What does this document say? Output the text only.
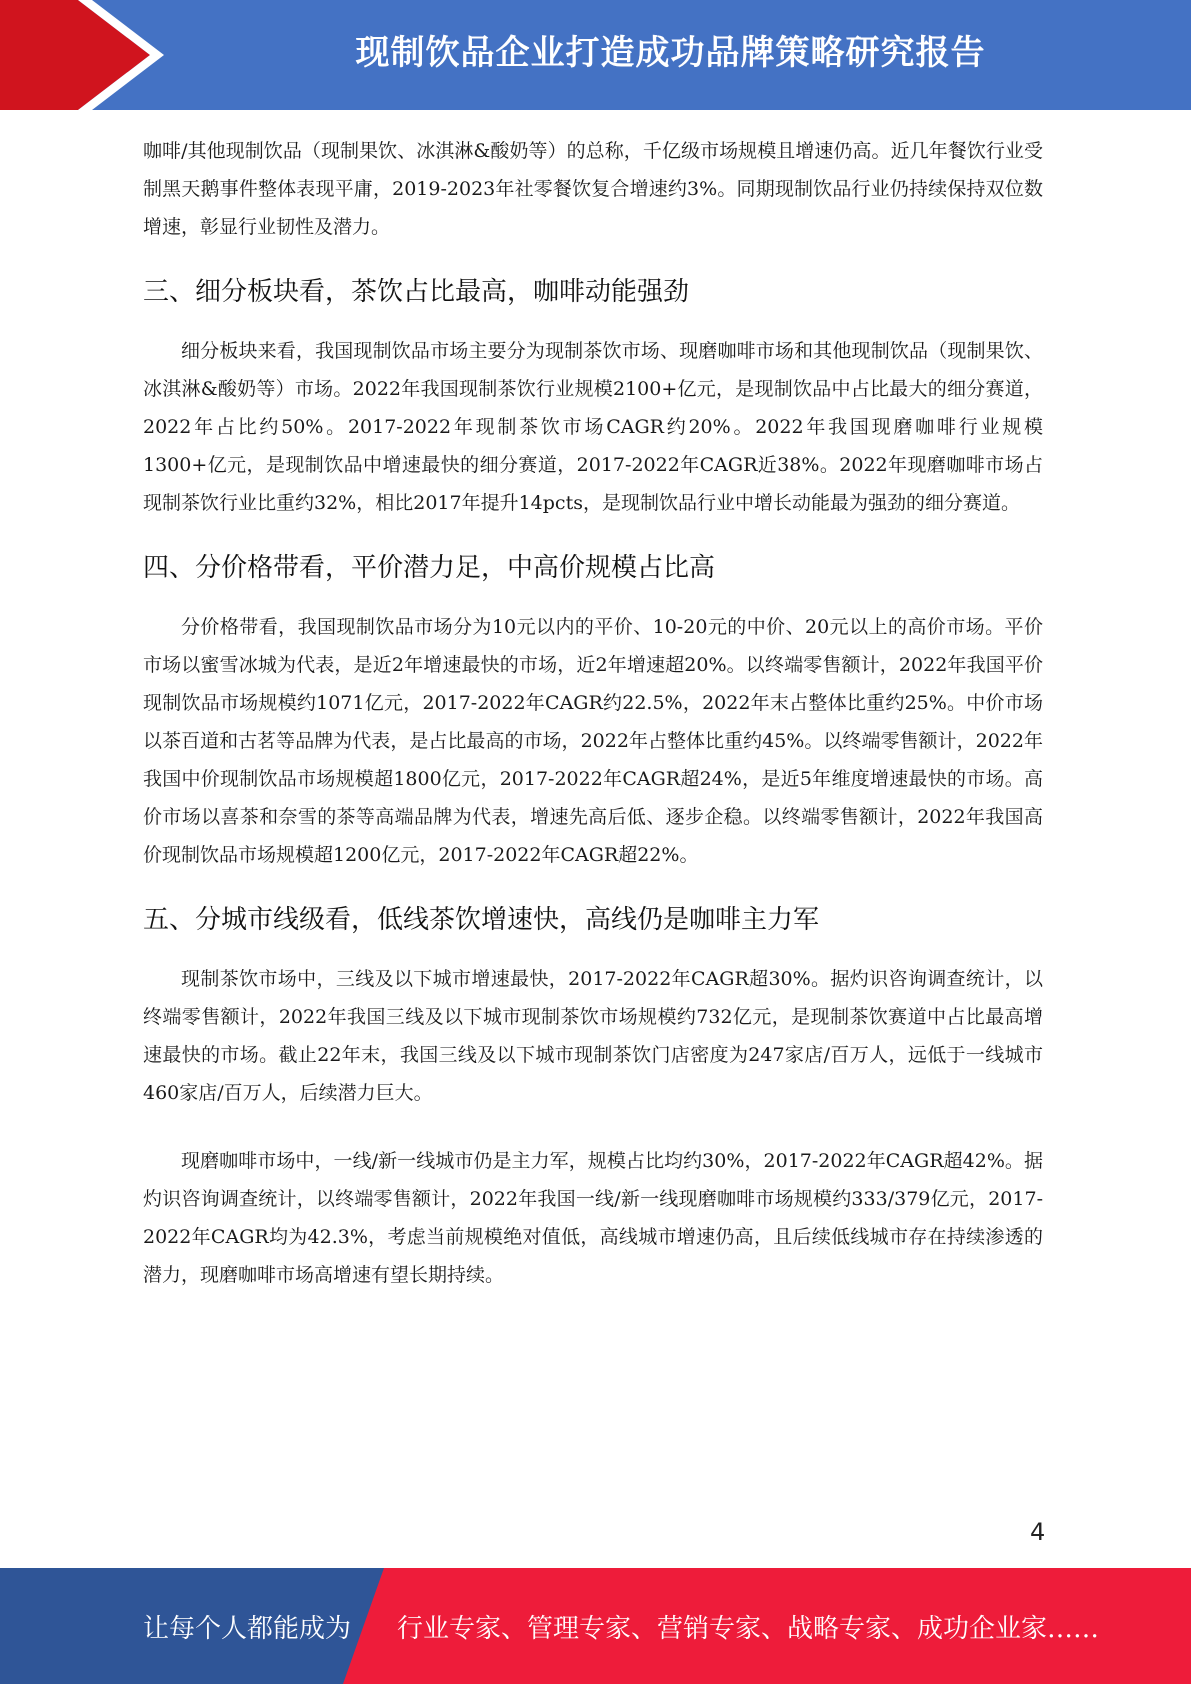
现制饮品企业打造成功品牌策略研究报告

咖啡/其他现制饮品（现制果饮、冰淇淋&酸奶等）的总称，千亿级市场规模且增速仍高。近几年餐饮行业受制黑天鹅事件整体表现平庸，2019-2023年社零餐饮复合增速约3%。同期现制饮品行业仍持续保持双位数增速，彰显行业韧性及潜力。

三、细分板块看，茶饮占比最高，咖啡动能强劲

细分板块来看，我国现制饮品市场主要分为现制茶饮市场、现磨咖啡市场和其他现制饮品（现制果饮、冰淇淋&酸奶等）市场。2022年我国现制茶饮行业规模2100+亿元，是现制饮品中占比最大的细分赛道，2022年占比约50%。2017-2022年现制茶饮市场CAGR约20%。2022年我国现磨咖啡行业规模1300+亿元，是现制饮品中增速最快的细分赛道，2017-2022年CAGR近38%。2022年现磨咖啡市场占现制茶饮行业比重约32%，相比2017年提升14pcts，是现制饮品行业中增长动能最为强劲的细分赛道。

四、分价格带看，平价潜力足，中高价规模占比高

分价格带看，我国现制饮品市场分为10元以内的平价、10-20元的中价、20元以上的高价市场。平价市场以蜜雪冰城为代表，是近2年增速最快的市场，近2年增速超20%。以终端零售额计，2022年我国平价现制饮品市场规模约1071亿元，2017-2022年CAGR约22.5%，2022年末占整体比重约25%。中价市场以茶百道和古茗等品牌为代表，是占比最高的市场，2022年占整体比重约45%。以终端零售额计，2022年我国中价现制饮品市场规模超1800亿元，2017-2022年CAGR超24%，是近5年维度增速最快的市场。高价市场以喜茶和奈雪的茶等高端品牌为代表，增速先高后低、逐步企稳。以终端零售额计，2022年我国高价现制饮品市场规模超1200亿元，2017-2022年CAGR超22%。

五、分城市线级看，低线茶饮增速快，高线仍是咖啡主力军

现制茶饮市场中，三线及以下城市增速最快，2017-2022年CAGR超30%。据灼识咨询调查统计，以终端零售额计，2022年我国三线及以下城市现制茶饮市场规模约732亿元，是现制茶饮赛道中占比最高增速最快的市场。截止22年末，我国三线及以下城市现制茶饮门店密度为247家店/百万人，远低于一线城市460家店/百万人，后续潜力巨大。

现磨咖啡市场中，一线/新一线城市仍是主力军，规模占比均约30%，2017-2022年CAGR超42%。据灼识咨询调查统计，以终端零售额计，2022年我国一线/新一线现磨咖啡市场规模约333/379亿元，2017-2022年CAGR均为42.3%，考虑当前规模绝对值低，高线城市增速仍高，且后续低线城市存在持续渗透的潜力，现磨咖啡市场高增速有望长期持续。

4
让每个人都能成为 行业专家、管理专家、营销专家、战略专家、成功企业家……
